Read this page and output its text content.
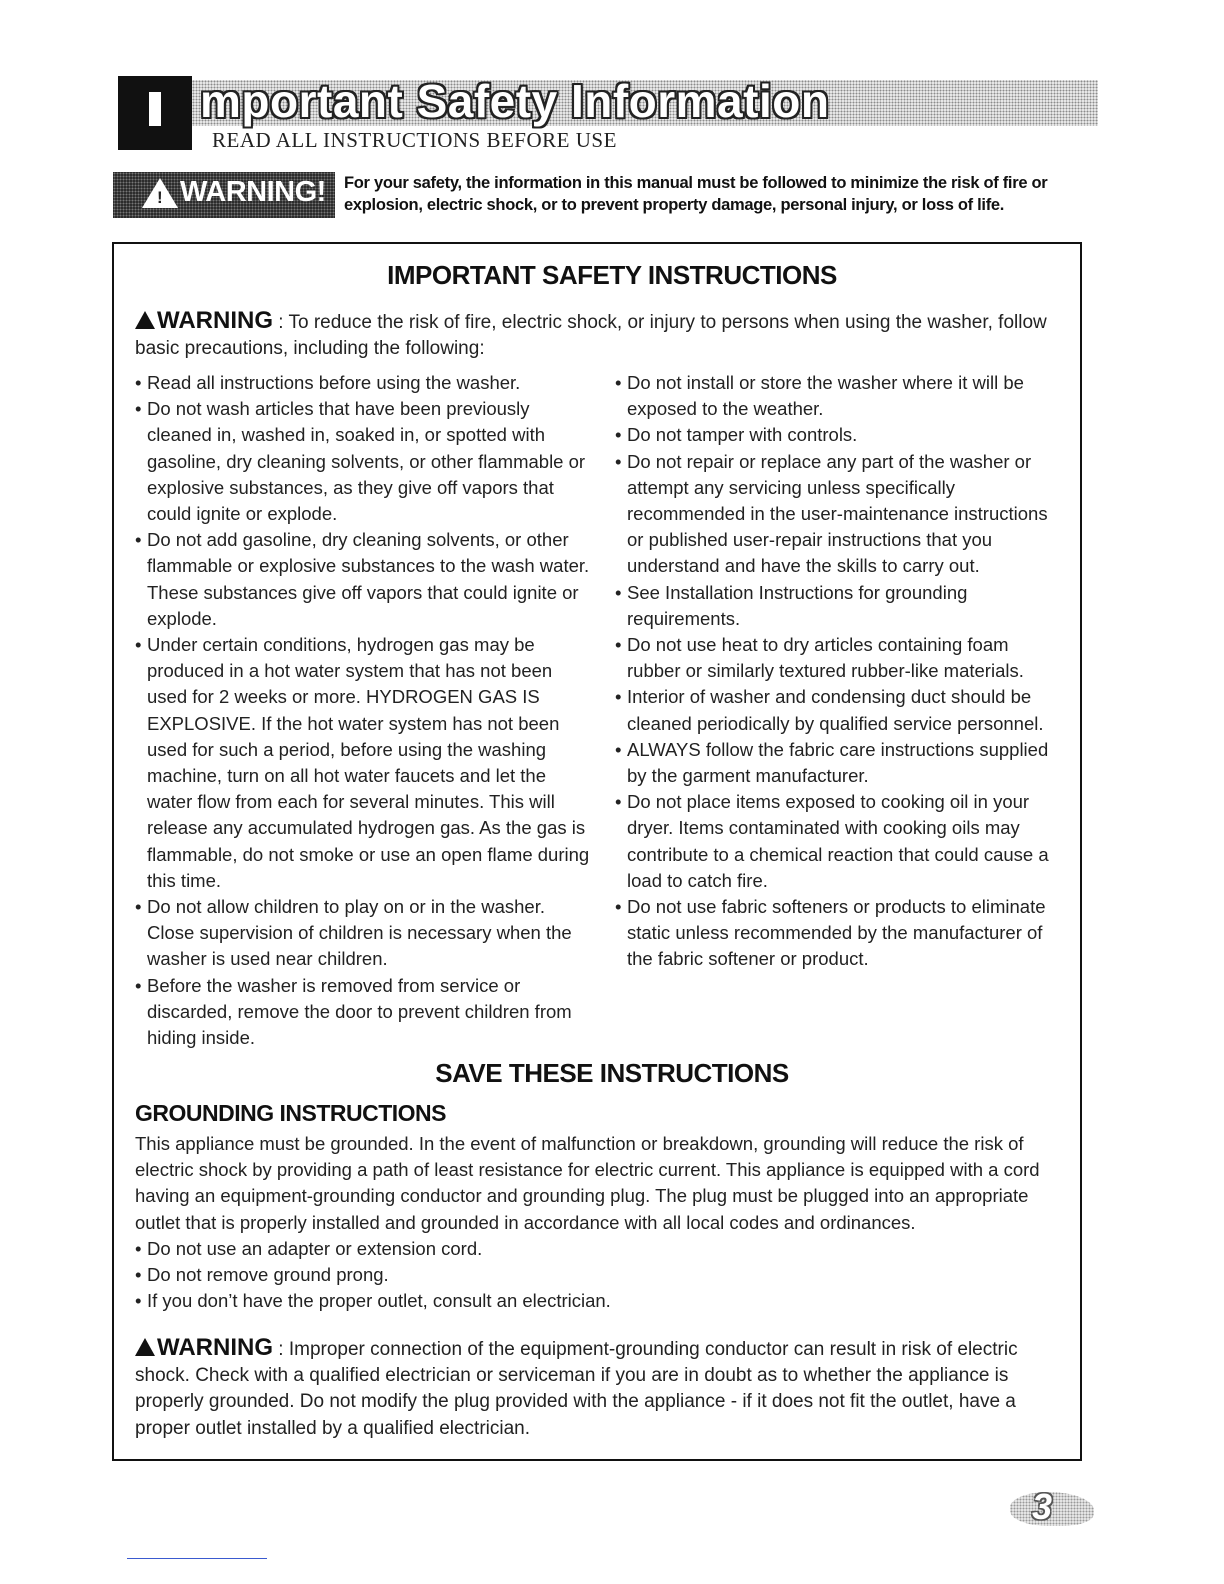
mportant Safety Information
READ ALL INSTRUCTIONS BEFORE USE
! WARNING! For your safety, the information in this manual must be followed to minimize the risk of fire or explosion, electric shock, or to prevent property damage, personal injury, or loss of life.
IMPORTANT SAFETY INSTRUCTIONS
WARNING : To reduce the risk of fire, electric shock, or injury to persons when using the washer, follow basic precautions, including the following:
• Read all instructions before using the washer.
• Do not wash articles that have been previously cleaned in, washed in, soaked in, or spotted with gasoline, dry cleaning solvents, or other flammable or explosive substances, as they give off vapors that could ignite or explode.
• Do not add gasoline, dry cleaning solvents, or other flammable or explosive substances to the wash water. These substances give off vapors that could ignite or explode.
• Under certain conditions, hydrogen gas may be produced in a hot water system that has not been used for 2 weeks or more. HYDROGEN GAS IS EXPLOSIVE. If the hot water system has not been used for such a period, before using the washing machine, turn on all hot water faucets and let the water flow from each for several minutes. This will release any accumulated hydrogen gas. As the gas is flammable, do not smoke or use an open flame during this time.
• Do not allow children to play on or in the washer. Close supervision of children is necessary when the washer is used near children.
• Before the washer is removed from service or discarded, remove the door to prevent children from hiding inside.
• Do not install or store the washer where it will be exposed to the weather.
• Do not tamper with controls.
• Do not repair or replace any part of the washer or attempt any servicing unless specifically recommended in the user-maintenance instructions or published user-repair instructions that you understand and have the skills to carry out.
• See Installation Instructions for grounding requirements.
• Do not use heat to dry articles containing foam rubber or similarly textured rubber-like materials.
• Interior of washer and condensing duct should be cleaned periodically by qualified service personnel.
• ALWAYS follow the fabric care instructions supplied by the garment manufacturer.
• Do not place items exposed to cooking oil in your dryer. Items contaminated with cooking oils may contribute to a chemical reaction that could cause a load to catch fire.
• Do not use fabric softeners or products to eliminate static unless recommended by the manufacturer of the fabric softener or product.
SAVE THESE INSTRUCTIONS
GROUNDING INSTRUCTIONS
This appliance must be grounded. In the event of malfunction or breakdown, grounding will reduce the risk of electric shock by providing a path of least resistance for electric current. This appliance is equipped with a cord having an equipment-grounding conductor and grounding plug. The plug must be plugged into an appropriate outlet that is properly installed and grounded in accordance with all local codes and ordinances.
• Do not use an adapter or extension cord.
• Do not remove ground prong.
• If you don’t have the proper outlet, consult an electrician.
WARNING : Improper connection of the equipment-grounding conductor can result in risk of electric shock. Check with a qualified electrician or serviceman if you are in doubt as to whether the appliance is properly grounded. Do not modify the plug provided with the appliance - if it does not fit the outlet, have a proper outlet installed by a qualified electrician.
3
